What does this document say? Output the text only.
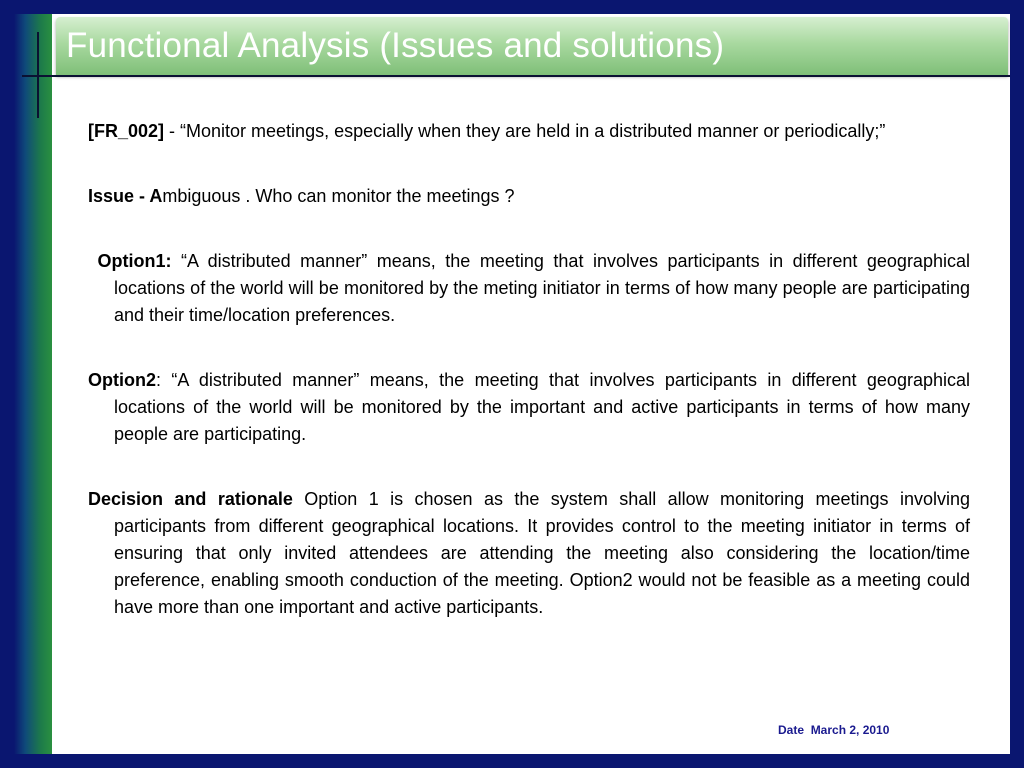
Functional Analysis (Issues and solutions)

[FR_002] - “Monitor meetings, especially when they are held in a distributed manner or periodically;”

Issue - Ambiguous . Who can monitor the meetings ?

Option1: “A distributed manner” means, the meeting that involves participants in different geographical locations of the world will be monitored by the meting initiator in terms of how many people are participating and their time/location preferences.

Option2: “A distributed manner” means, the meeting that involves participants in different geographical locations of the world will be monitored by the important and active participants in terms of how many people are participating.

Decision and rationale Option 1 is chosen as the system shall allow monitoring meetings involving participants from different geographical locations. It provides control to the meeting initiator in terms of ensuring that only invited attendees are attending the meeting also considering the location/time preference, enabling smooth conduction of the meeting. Option2 would not be feasible as a meeting could have more than one important and active participants.

Date March 2, 2010
